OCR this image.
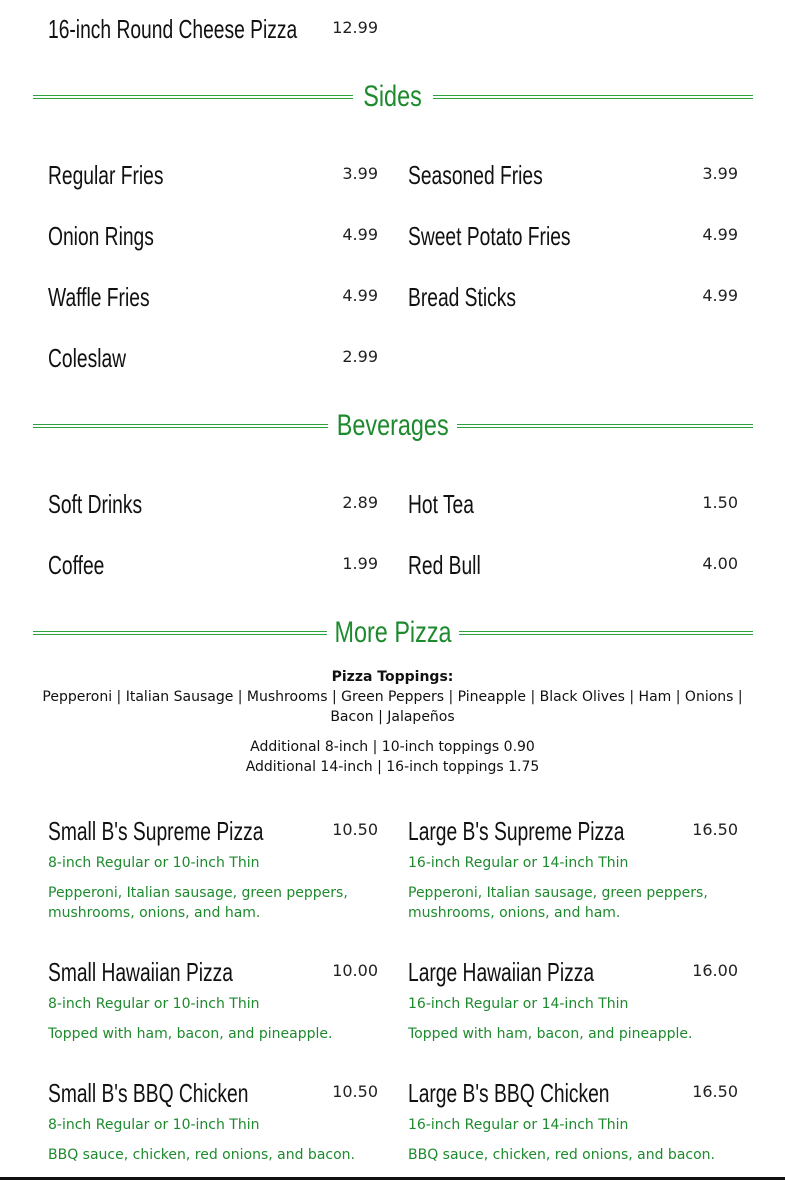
16-inch Round Cheese Pizza	12.99

Sides
Regular Fries	3.99 Seasoned Fries	3.99

Onion Rings	4.99 Sweet Potato Fries	4.99

Waffle Fries	4.99 Bread Sticks	4.99

Coleslaw	2.99

Beverages
Soft Drinks	2.89 Hot Tea	1.50

Coffee	1.99 Red Bull	4.00

More Pizza
Pizza Toppings:
Pepperoni | Italian Sausage | Mushrooms | Green Peppers | Pineapple | Black Olives | Ham | Onions | Bacon | Jalapeños
Additional 8-inch | 10-inch toppings 0.90
Additional 14-inch | 16-inch toppings 1.75
Small B's Supreme Pizza	10.50

8-inch Regular or 10-inch Thin

Pepperoni, Italian sausage, green peppers, mushrooms, onions, and ham.

Large B's Supreme Pizza	16.50

16-inch Regular or 14-inch Thin

Pepperoni, Italian sausage, green peppers, mushrooms, onions, and ham.

Small Hawaiian Pizza	10.00

8-inch Regular or 10-inch Thin

Topped with ham, bacon, and pineapple.

Large Hawaiian Pizza	16.00

16-inch Regular or 14-inch Thin

Topped with ham, bacon, and pineapple.

Small B's BBQ Chicken	10.50

8-inch Regular or 10-inch Thin

BBQ sauce, chicken, red onions, and bacon.

Large B's BBQ Chicken	16.50

16-inch Regular or 14-inch Thin

BBQ sauce, chicken, red onions, and bacon.
